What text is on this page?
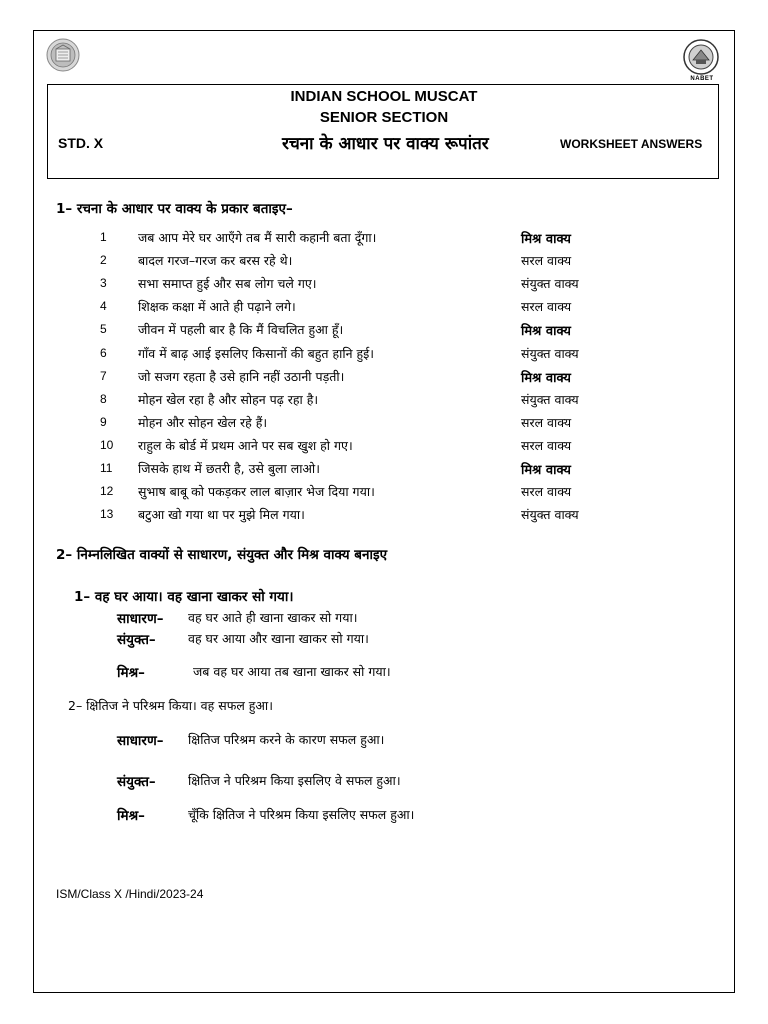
NABET
INDIAN SCHOOL MUSCAT
SENIOR SECTION
STD. X	रचना के आधार पर वाक्य रूपांतर	WORKSHEET ANSWERS
1– रचना के आधार पर वाक्य के प्रकार बताइए–
1	जब आप मेरे घर आएँगे तब मैं सारी कहानी बता दूँगा।	मिश्र वाक्य
2	बादल गरज–गरज कर बरस रहे थे।	सरल वाक्य
3	सभा समाप्त हुई और सब लोग चले गए।	संयुक्त वाक्य
4	शिक्षक कक्षा में आते ही पढ़ाने लगे।	सरल वाक्य
5	जीवन में पहली बार है कि मैं विचलित हुआ हूँ।	मिश्र वाक्य
6	गाँव में बाढ़ आई इसलिए किसानों की बहुत हानि हुई।	संयुक्त वाक्य
7	जो सजग रहता है उसे हानि नहीं उठानी पड़ती।	मिश्र वाक्य
8	मोहन खेल रहा है और सोहन पढ़ रहा है।	संयुक्त वाक्य
9	मोहन और सोहन खेल रहे हैं।	सरल वाक्य
10	राहुल के बोर्ड में प्रथम आने पर सब खुश हो गए।	सरल वाक्य
11	जिसके हाथ में छतरी है, उसे बुला लाओ।	मिश्र वाक्य
12	सुभाष बाबू को पकड़कर लाल बाज़ार भेज दिया गया।	सरल वाक्य
13	बटुआ खो गया था पर मुझे मिल गया।	संयुक्त वाक्य
2– निम्नलिखित वाक्यों से साधारण, संयुक्त और मिश्र वाक्य बनाइए
1– वह घर आया। वह खाना खाकर सो गया।
साधारण– वह घर आते ही खाना खाकर सो गया।
संयुक्त–	वह घर आया और खाना खाकर सो गया।
मिश्र–	जब वह घर आया तब खाना खाकर सो गया।
2– क्षितिज ने परिश्रम किया। वह सफल हुआ।
साधारण– क्षितिज परिश्रम करने के कारण सफल हुआ।
संयुक्त–	क्षितिज ने परिश्रम किया इसलिए वे सफल हुआ।
मिश्र–	चूँकि क्षितिज ने परिश्रम किया इसलिए सफल हुआ।
ISM/Class X /Hindi/2023-24
